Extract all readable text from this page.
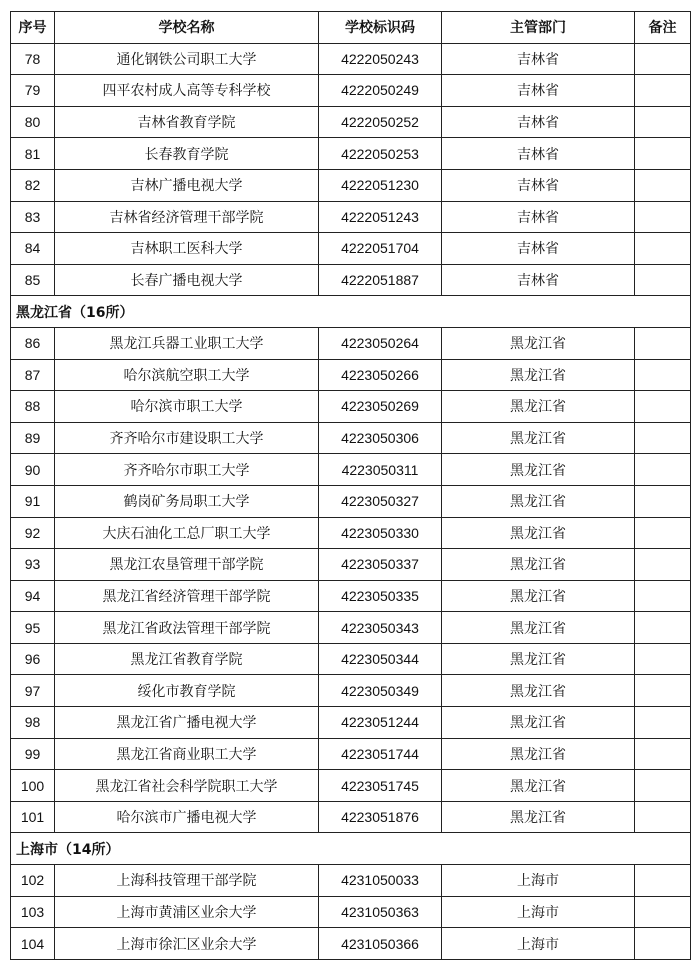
序号	学校名称	学校标识码	主管部门	备注
78	通化钢铁公司职工大学	4222050243	吉林省	
79	四平农村成人高等专科学校	4222050249	吉林省	
80	吉林省教育学院	4222050252	吉林省	
81	长春教育学院	4222050253	吉林省	
82	吉林广播电视大学	4222051230	吉林省	
83	吉林省经济管理干部学院	4222051243	吉林省	
84	吉林职工医科大学	4222051704	吉林省	
85	长春广播电视大学	4222051887	吉林省	
黑龙江省（16所）				
86	黑龙江兵器工业职工大学	4223050264	黑龙江省	
87	哈尔滨航空职工大学	4223050266	黑龙江省	
88	哈尔滨市职工大学	4223050269	黑龙江省	
89	齐齐哈尔市建设职工大学	4223050306	黑龙江省	
90	齐齐哈尔市职工大学	4223050311	黑龙江省	
91	鹤岗矿务局职工大学	4223050327	黑龙江省	
92	大庆石油化工总厂职工大学	4223050330	黑龙江省	
93	黑龙江农垦管理干部学院	4223050337	黑龙江省	
94	黑龙江省经济管理干部学院	4223050335	黑龙江省	
95	黑龙江省政法管理干部学院	4223050343	黑龙江省	
96	黑龙江省教育学院	4223050344	黑龙江省	
97	绥化市教育学院	4223050349	黑龙江省	
98	黑龙江省广播电视大学	4223051244	黑龙江省	
99	黑龙江省商业职工大学	4223051744	黑龙江省	
100	黑龙江省社会科学院职工大学	4223051745	黑龙江省	
101	哈尔滨市广播电视大学	4223051876	黑龙江省	
上海市（14所）				
102	上海科技管理干部学院	4231050033	上海市	
103	上海市黄浦区业余大学	4231050363	上海市	
104	上海市徐汇区业余大学	4231050366	上海市	
